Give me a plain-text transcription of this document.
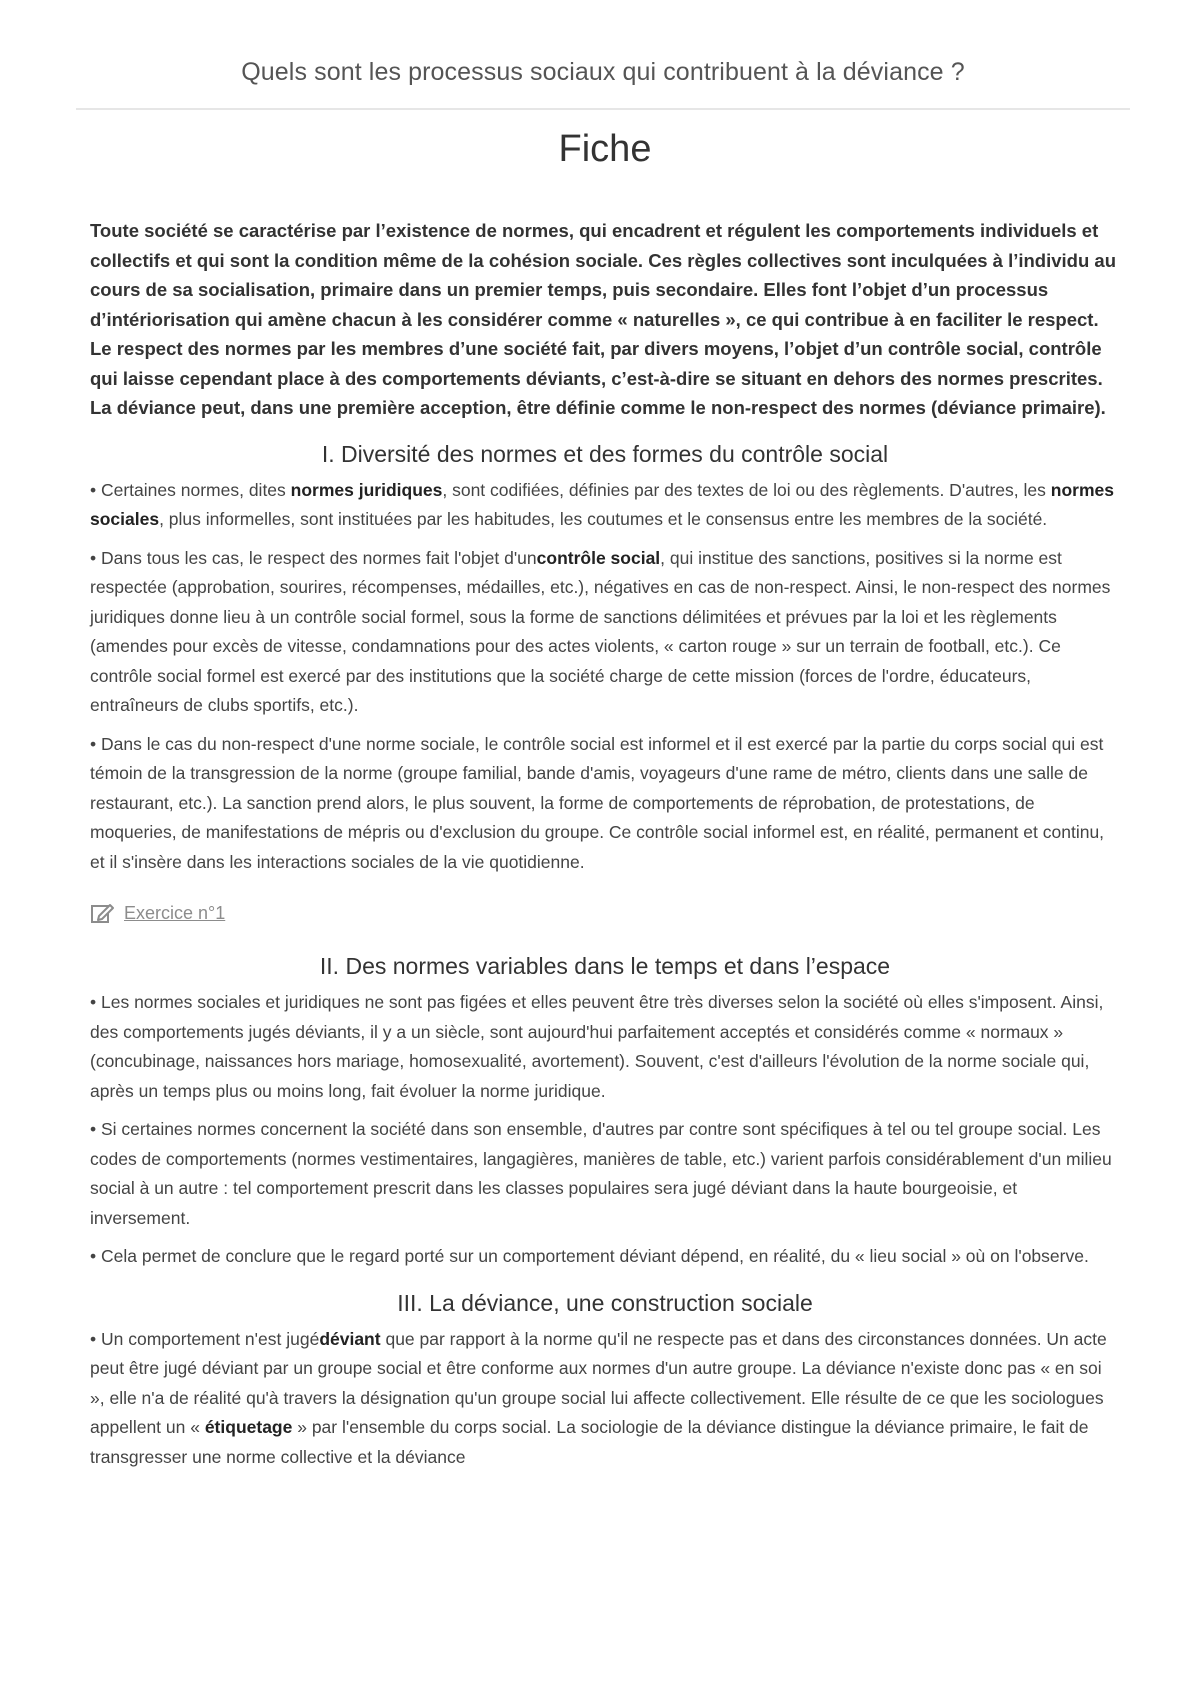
Quels sont les processus sociaux qui contribuent à la déviance ?
Fiche

Toute société se caractérise par l’existence de normes, qui encadrent et régulent les comportements individuels et collectifs et qui sont la condition même de la cohésion sociale. Ces règles collectives sont inculquées à l’individu au cours de sa socialisation, primaire dans un premier temps, puis secondaire. Elles font l’objet d’un processus d’intériorisation qui amène chacun à les considérer comme « naturelles », ce qui contribue à en faciliter le respect.

Le respect des normes par les membres d’une société fait, par divers moyens, l’objet d’un contrôle social, contrôle qui laisse cependant place à des comportements déviants, c’est-à-dire se situant en dehors des normes prescrites. La déviance peut, dans une première acception, être définie comme le non-respect des normes (déviance primaire).

I. Diversité des normes et des formes du contrôle social

• Certaines normes, dites normes juridiques, sont codifiées, définies par des textes de loi ou des règlements. D'autres, les normes sociales, plus informelles, sont instituées par les habitudes, les coutumes et le consensus entre les membres de la société.

• Dans tous les cas, le respect des normes fait l'objet d'uncontrôle social, qui institue des sanctions, positives si la norme est respectée (approbation, sourires, récompenses, médailles, etc.), négatives en cas de non-respect. Ainsi, le non-respect des normes juridiques donne lieu à un contrôle social formel, sous la forme de sanctions délimitées et prévues par la loi et les règlements (amendes pour excès de vitesse, condamnations pour des actes violents, « carton rouge » sur un terrain de football, etc.). Ce contrôle social formel est exercé par des institutions que la société charge de cette mission (forces de l'ordre, éducateurs, entraîneurs de clubs sportifs, etc.).

• Dans le cas du non-respect d'une norme sociale, le contrôle social est informel et il est exercé par la partie du corps social qui est témoin de la transgression de la norme (groupe familial, bande d'amis, voyageurs d'une rame de métro, clients dans une salle de restaurant, etc.). La sanction prend alors, le plus souvent, la forme de comportements de réprobation, de protestations, de moqueries, de manifestations de mépris ou d'exclusion du groupe. Ce contrôle social informel est, en réalité, permanent et continu, et il s'insère dans les interactions sociales de la vie quotidienne.

Exercice n°1
II. Des normes variables dans le temps et dans l’espace

• Les normes sociales et juridiques ne sont pas figées et elles peuvent être très diverses selon la société où elles s'imposent. Ainsi, des comportements jugés déviants, il y a un siècle, sont aujourd'hui parfaitement acceptés et considérés comme « normaux » (concubinage, naissances hors mariage, homosexualité, avortement). Souvent, c'est d'ailleurs l'évolution de la norme sociale qui, après un temps plus ou moins long, fait évoluer la norme juridique.

• Si certaines normes concernent la société dans son ensemble, d'autres par contre sont spécifiques à tel ou tel groupe social. Les codes de comportements (normes vestimentaires, langagières, manières de table, etc.) varient parfois considérablement d'un milieu social à un autre : tel comportement prescrit dans les classes populaires sera jugé déviant dans la haute bourgeoisie, et inversement.

• Cela permet de conclure que le regard porté sur un comportement déviant dépend, en réalité, du « lieu social » où on l'observe.

III. La déviance, une construction sociale

• Un comportement n'est jugédéviant que par rapport à la norme qu'il ne respecte pas et dans des circonstances données. Un acte peut être jugé déviant par un groupe social et être conforme aux normes d'un autre groupe. La déviance n'existe donc pas « en soi », elle n'a de réalité qu'à travers la désignation qu'un groupe social lui affecte collectivement. Elle résulte de ce que les sociologues appellent un « étiquetage » par l'ensemble du corps social. La sociologie de la déviance distingue la déviance primaire, le fait de transgresser une norme collective et la déviance
